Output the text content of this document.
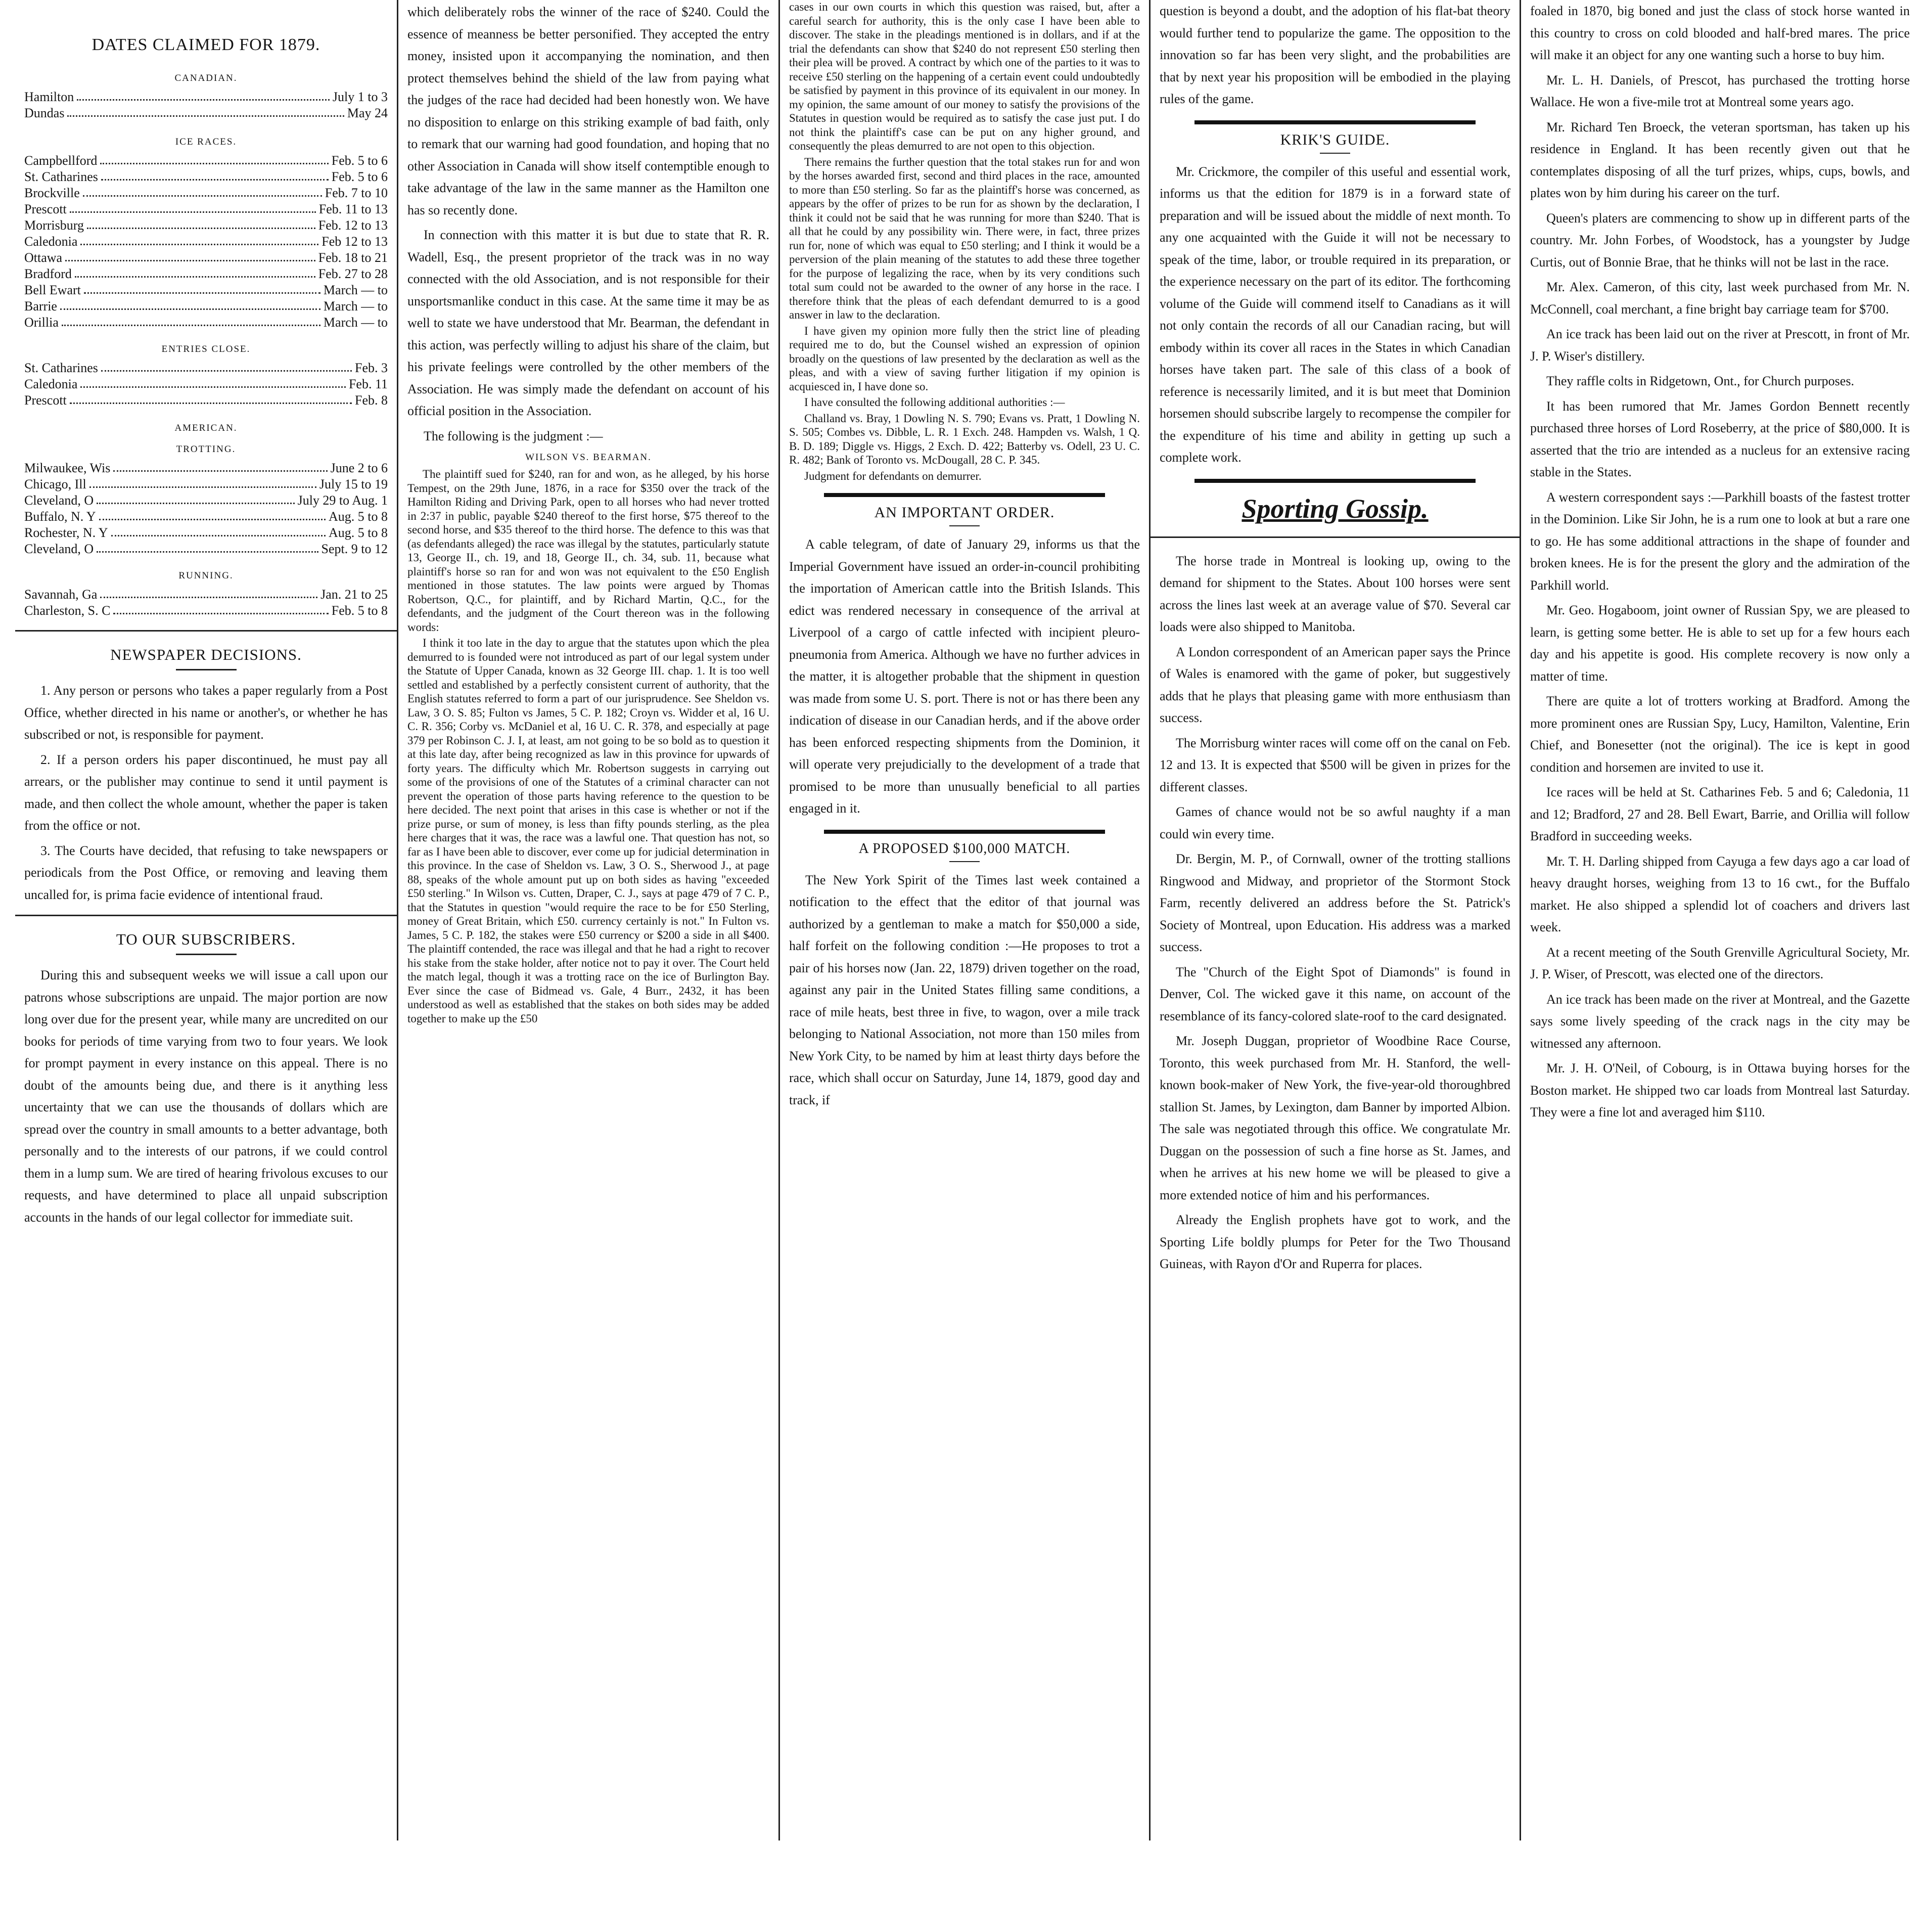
DATES CLAIMED FOR 1879.
CANADIAN.
Hamilton	July 1 to 3
Dundas	May 24
ICE RACES.
Campbellford	Feb. 5 to 6
St. Catharines	Feb. 5 to 6
Brockville	Feb. 7 to 10
Prescott	Feb. 11 to 13
Morrisburg	Feb. 12 to 13
Caledonia	Feb 12 to 13
Ottawa	Feb. 18 to 21
Bradford	Feb. 27 to 28
Bell Ewart	March — to
Barrie	March — to
Orillia	March — to
ENTRIES CLOSE.
St. Catharines	Feb. 3
Caledonia	Feb. 11
Prescott	Feb. 8
AMERICAN.
TROTTING.
Milwaukee, Wis	June 2 to 6
Chicago, Ill	July 15 to 19
Cleveland, O	July 29 to Aug. 1
Buffalo, N. Y	Aug. 5 to 8
Rochester, N. Y	Aug. 5 to 8
Cleveland, O	Sept. 9 to 12
RUNNING.
Savannah, Ga	Jan. 21 to 25
Charleston, S. C	Feb. 5 to 8
NEWSPAPER DECISIONS.

1. Any person or persons who takes a paper regularly from a Post Office, whether directed in his name or another's, or whether he has subscribed or not, is responsible for payment.

2. If a person orders his paper discontinued, he must pay all arrears, or the publisher may continue to send it until payment is made, and then collect the whole amount, whether the paper is taken from the office or not.

3. The Courts have decided, that refusing to take newspapers or periodicals from the Post Office, or removing and leaving them uncalled for, is prima facie evidence of intentional fraud.

TO OUR SUBSCRIBERS.

During this and subsequent weeks we will issue a call upon our patrons whose subscriptions are unpaid. The major portion are now long over due for the present year, while many are uncredited on our books for periods of time varying from two to four years. We look for prompt payment in every instance on this appeal. There is no doubt of the amounts being due, and there is it anything less uncertainty that we can use the thousands of dollars which are spread over the country in small amounts to a better advantage, both personally and to the interests of our patrons, if we could control them in a lump sum. We are tired of hearing frivolous excuses to our requests, and have determined to place all unpaid subscription accounts in the hands of our legal collector for immediate suit.

which deliberately robs the winner of the race of $240. Could the essence of meanness be better personified. They accepted the entry money, insisted upon it accompanying the nomination, and then protect themselves behind the shield of the law from paying what the judges of the race had decided had been honestly won. We have no disposition to enlarge on this striking example of bad faith, only to remark that our warning had good foundation, and hoping that no other Association in Canada will show itself contemptible enough to take advantage of the law in the same manner as the Hamilton one has so recently done.

In connection with this matter it is but due to state that R. R. Wadell, Esq., the present proprietor of the track was in no way connected with the old Association, and is not responsible for their unsportsmanlike conduct in this case. At the same time it may be as well to state we have understood that Mr. Bearman, the defendant in this action, was perfectly willing to adjust his share of the claim, but his private feelings were controlled by the other members of the Association. He was simply made the defendant on account of his official position in the Association.

The following is the judgment :—

WILSON VS. BEARMAN.

The plaintiff sued for $240, ran for and won, as he alleged, by his horse Tempest, on the 29th June, 1876, in a race for $350 over the track of the Hamilton Riding and Driving Park, open to all horses who had never trotted in 2:37 in public, payable $240 thereof to the first horse, $75 thereof to the second horse, and $35 thereof to the third horse. The defence to this was that (as defendants alleged) the race was illegal by the statutes, particularly statute 13, George II., ch. 19, and 18, George II., ch. 34, sub. 11, because what plaintiff's horse so ran for and won was not equivalent to the £50 English mentioned in those statutes. The law points were argued by Thomas Robertson, Q.C., for plaintiff, and by Richard Martin, Q.C., for the defendants, and the judgment of the Court thereon was in the following words:

I think it too late in the day to argue that the statutes upon which the plea demurred to is founded were not introduced as part of our legal system under the Statute of Upper Canada, known as 32 George III. chap. 1. It is too well settled and established by a perfectly consistent current of authority, that the English statutes referred to form a part of our jurisprudence. See Sheldon vs. Law, 3 O. S. 85; Fulton vs James, 5 C. P. 182; Croyn vs. Widder et al, 16 U. C. R. 356; Corby vs. McDaniel et al, 16 U. C. R. 378, and especially at page 379 per Robinson C. J. I, at least, am not going to be so bold as to question it at this late day, after being recognized as law in this province for upwards of forty years. The difficulty which Mr. Robertson suggests in carrying out some of the provisions of one of the Statutes of a criminal character can not prevent the operation of those parts having reference to the question to be here decided. The next point that arises in this case is whether or not if the prize purse, or sum of money, is less than fifty pounds sterling, as the plea here charges that it was, the race was a lawful one. That question has not, so far as I have been able to discover, ever come up for judicial determination in this province. In the case of Sheldon vs. Law, 3 O. S., Sherwood J., at page 88, speaks of the whole amount put up on both sides as having "exceeded £50 sterling." In Wilson vs. Cutten, Draper, C. J., says at page 479 of 7 C. P., that the Statutes in question "would require the race to be for £50 Sterling, money of Great Britain, which £50. currency certainly is not." In Fulton vs. James, 5 C. P. 182, the stakes were £50 currency or $200 a side in all $400. The plaintiff contended, the race was illegal and that he had a right to recover his stake from the stake holder, after notice not to pay it over. The Court held the match legal, though it was a trotting race on the ice of Burlington Bay. Ever since the case of Bidmead vs. Gale, 4 Burr., 2432, it has been understood as well as established that the stakes on both sides may be added together to make up the £50

cases in our own courts in which this question was raised, but, after a careful search for authority, this is the only case I have been able to discover. The stake in the pleadings mentioned is in dollars, and if at the trial the defendants can show that $240 do not represent £50 sterling then their plea will be proved. A contract by which one of the parties to it was to receive £50 sterling on the happening of a certain event could undoubtedly be satisfied by payment in this province of its equivalent in our money. In my opinion, the same amount of our money to satisfy the provisions of the Statutes in question would be required as to satisfy the case just put. I do not think the plaintiff's case can be put on any higher ground, and consequently the pleas demurred to are not open to this objection.

There remains the further question that the total stakes run for and won by the horses awarded first, second and third places in the race, amounted to more than £50 sterling. So far as the plaintiff's horse was concerned, as appears by the offer of prizes to be run for as shown by the declaration, I think it could not be said that he was running for more than $240. That is all that he could by any possibility win. There were, in fact, three prizes run for, none of which was equal to £50 sterling; and I think it would be a perversion of the plain meaning of the statutes to add these three together for the purpose of legalizing the race, when by its very conditions such total sum could not be awarded to the owner of any horse in the race. I therefore think that the pleas of each defendant demurred to is a good answer in law to the declaration.

I have given my opinion more fully then the strict line of pleading required me to do, but the Counsel wished an expression of opinion broadly on the questions of law presented by the declaration as well as the pleas, and with a view of saving further litigation if my opinion is acquiesced in, I have done so.

I have consulted the following additional authorities :—

Challand vs. Bray, 1 Dowling N. S. 790; Evans vs. Pratt, 1 Dowling N. S. 505; Combes vs. Dibble, L. R. 1 Exch. 248. Hampden vs. Walsh, 1 Q. B. D. 189; Diggle vs. Higgs, 2 Exch. D. 422; Batterby vs. Odell, 23 U. C. R. 482; Bank of Toronto vs. McDougall, 28 C. P. 345.

Judgment for defendants on demurrer.

AN IMPORTANT ORDER.

A cable telegram, of date of January 29, informs us that the Imperial Government have issued an order-in-council prohibiting the importation of American cattle into the British Islands. This edict was rendered necessary in consequence of the arrival at Liverpool of a cargo of cattle infected with incipient pleuro-pneumonia from America. Although we have no further advices in the matter, it is altogether probable that the shipment in question was made from some U. S. port. There is not or has there been any indication of disease in our Canadian herds, and if the above order has been enforced respecting shipments from the Dominion, it will operate very prejudicially to the development of a trade that promised to be more than unusually beneficial to all parties engaged in it.

A PROPOSED $100,000 MATCH.

The New York Spirit of the Times last week contained a notification to the effect that the editor of that journal was authorized by a gentleman to make a match for $50,000 a side, half forfeit on the following condition :—He proposes to trot a pair of his horses now (Jan. 22, 1879) driven together on the road, against any pair in the United States filling same conditions, a race of mile heats, best three in five, to wagon, over a mile track belonging to National Association, not more than 150 miles from New York City, to be named by him at least thirty days before the race, which shall occur on Saturday, June 14, 1879, good day and track, if

question is beyond a doubt, and the adoption of his flat-bat theory would further tend to popularize the game. The opposition to the innovation so far has been very slight, and the probabilities are that by next year his proposition will be embodied in the playing rules of the game.

KRIK'S GUIDE.

Mr. Crickmore, the compiler of this useful and essential work, informs us that the edition for 1879 is in a forward state of preparation and will be issued about the middle of next month. To any one acquainted with the Guide it will not be necessary to speak of the time, labor, or trouble required in its preparation, or the experience necessary on the part of its editor. The forthcoming volume of the Guide will commend itself to Canadians as it will not only contain the records of all our Canadian racing, but will embody within its cover all races in the States in which Canadian horses have taken part. The sale of this class of a book of reference is necessarily limited, and it is but meet that Dominion horsemen should subscribe largely to recompense the compiler for the expenditure of his time and ability in getting up such a complete work.

Sporting Gossip.

The horse trade in Montreal is looking up, owing to the demand for shipment to the States. About 100 horses were sent across the lines last week at an average value of $70. Several car loads were also shipped to Manitoba.

A London correspondent of an American paper says the Prince of Wales is enamored with the game of poker, but suggestively adds that he plays that pleasing game with more enthusiasm than success.

The Morrisburg winter races will come off on the canal on Feb. 12 and 13. It is expected that $500 will be given in prizes for the different classes.

Games of chance would not be so awful naughty if a man could win every time.

Dr. Bergin, M. P., of Cornwall, owner of the trotting stallions Ringwood and Midway, and proprietor of the Stormont Stock Farm, recently delivered an address before the St. Patrick's Society of Montreal, upon Education. His address was a marked success.

The "Church of the Eight Spot of Diamonds" is found in Denver, Col. The wicked gave it this name, on account of the resemblance of its fancy-colored slate-roof to the card designated.

Mr. Joseph Duggan, proprietor of Woodbine Race Course, Toronto, this week purchased from Mr. H. Stanford, the well-known book-maker of New York, the five-year-old thoroughbred stallion St. James, by Lexington, dam Banner by imported Albion. The sale was negotiated through this office. We congratulate Mr. Duggan on the possession of such a fine horse as St. James, and when he arrives at his new home we will be pleased to give a more extended notice of him and his performances.

Already the English prophets have got to work, and the Sporting Life boldly plumps for Peter for the Two Thousand Guineas, with Rayon d'Or and Ruperra for places.

foaled in 1870, big boned and just the class of stock horse wanted in this country to cross on cold blooded and half-bred mares. The price will make it an object for any one wanting such a horse to buy him.

Mr. L. H. Daniels, of Prescot, has purchased the trotting horse Wallace. He won a five-mile trot at Montreal some years ago.

Mr. Richard Ten Broeck, the veteran sportsman, has taken up his residence in England. It has been recently given out that he contemplates disposing of all the turf prizes, whips, cups, bowls, and plates won by him during his career on the turf.

Queen's platers are commencing to show up in different parts of the country. Mr. John Forbes, of Woodstock, has a youngster by Judge Curtis, out of Bonnie Brae, that he thinks will not be last in the race.

Mr. Alex. Cameron, of this city, last week purchased from Mr. N. McConnell, coal merchant, a fine bright bay carriage team for $700.

An ice track has been laid out on the river at Prescott, in front of Mr. J. P. Wiser's distillery.

They raffle colts in Ridgetown, Ont., for Church purposes.

It has been rumored that Mr. James Gordon Bennett recently purchased three horses of Lord Roseberry, at the price of $80,000. It is asserted that the trio are intended as a nucleus for an extensive racing stable in the States.

A western correspondent says :—Parkhill boasts of the fastest trotter in the Dominion. Like Sir John, he is a rum one to look at but a rare one to go. He has some additional attractions in the shape of founder and broken knees. He is for the present the glory and the admiration of the Parkhill world.

Mr. Geo. Hogaboom, joint owner of Russian Spy, we are pleased to learn, is getting some better. He is able to set up for a few hours each day and his appetite is good. His complete recovery is now only a matter of time.

There are quite a lot of trotters working at Bradford. Among the more prominent ones are Russian Spy, Lucy, Hamilton, Valentine, Erin Chief, and Bonesetter (not the original). The ice is kept in good condition and horsemen are invited to use it.

Ice races will be held at St. Catharines Feb. 5 and 6; Caledonia, 11 and 12; Bradford, 27 and 28. Bell Ewart, Barrie, and Orillia will follow Bradford in succeeding weeks.

Mr. T. H. Darling shipped from Cayuga a few days ago a car load of heavy draught horses, weighing from 13 to 16 cwt., for the Buffalo market. He also shipped a splendid lot of coachers and drivers last week.

At a recent meeting of the South Grenville Agricultural Society, Mr. J. P. Wiser, of Prescott, was elected one of the directors.

An ice track has been made on the river at Montreal, and the Gazette says some lively speeding of the crack nags in the city may be witnessed any afternoon.

Mr. J. H. O'Neil, of Cobourg, is in Ottawa buying horses for the Boston market. He shipped two car loads from Montreal last Saturday. They were a fine lot and averaged him $110.
